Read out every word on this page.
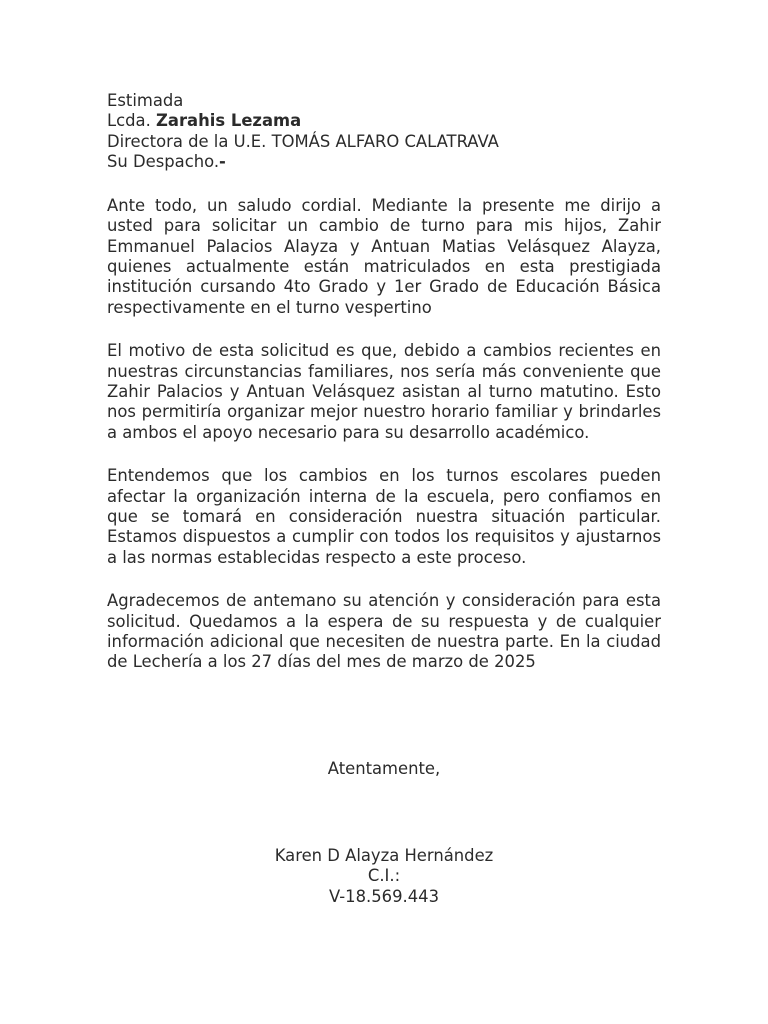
Estimada
Lcda. Zarahis Lezama
Directora de la U.E. TOMÁS ALFARO CALATRAVA
Su Despacho.-

Ante todo, un saludo cordial. Mediante la presente me dirijo a usted para solicitar un cambio de turno para mis hijos, Zahir Emmanuel Palacios Alayza y Antuan Matias Velásquez Alayza, quienes actualmente están matriculados en esta prestigiada institución cursando 4to Grado y 1er Grado de Educación Básica respectivamente en el turno vespertino

El motivo de esta solicitud es que, debido a cambios recientes en nuestras circunstancias familiares, nos sería más conveniente que Zahir Palacios y Antuan Velásquez asistan al turno matutino. Esto nos permitiría organizar mejor nuestro horario familiar y brindarles a ambos el apoyo necesario para su desarrollo académico.

Entendemos que los cambios en los turnos escolares pueden afectar la organización interna de la escuela, pero confiamos en que se tomará en consideración nuestra situación particular. Estamos dispuestos a cumplir con todos los requisitos y ajustarnos a las normas establecidas respecto a este proceso.

Agradecemos de antemano su atención y consideración para esta solicitud. Quedamos a la espera de su respuesta y de cualquier información adicional que necesiten de nuestra parte. En la ciudad de Lechería a los 27 días del mes de marzo de 2025

Atentamente,
Karen D Alayza Hernández
C.I.:
V-18.569.443
